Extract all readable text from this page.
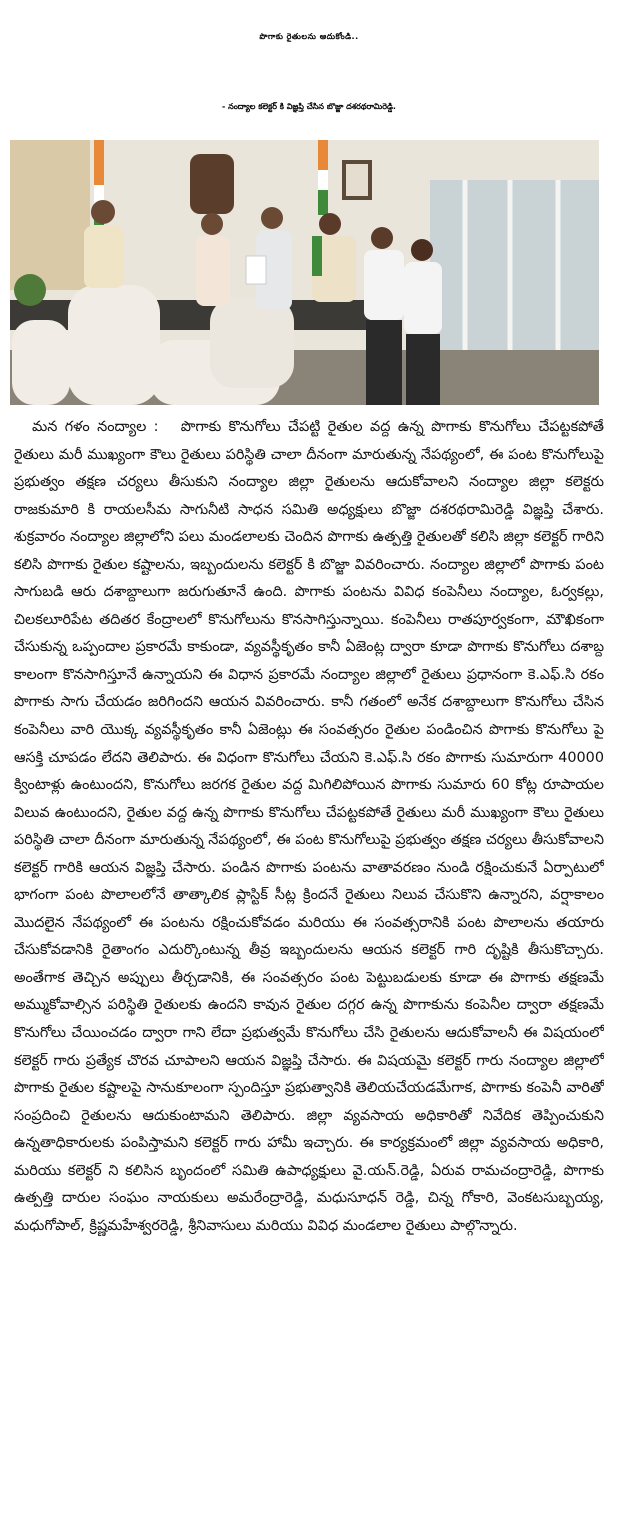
పొగాకు రైతులను ఆదుకోండి..
- నంద్యాల కలెక్టర్ కి విజ్ఞప్తి చేసిన బొజ్జా దశరథరామిరెడ్డి.
మన గళం నంద్యాల : పొగాకు కొనుగోలు చేపట్టి రైతుల వద్ద ఉన్న పొగాకు కొనుగోలు చేపట్టకపోతే రైతులు మరీ ముఖ్యంగా కౌలు రైతులు పరిస్థితి చాలా దీనంగా మారుతున్న నేపథ్యంలో, ఈ పంట కొనుగోలుపై ప్రభుత్వం తక్షణ చర్యలు తీసుకుని నంద్యాల జిల్లా రైతులను ఆదుకోవాలని నంద్యాల జిల్లా కలెక్టరు రాజకుమారి కి రాయలసీమ సాగునీటి సాధన సమితి అధ్యక్షులు బొజ్జా దశరథరామిరెడ్డి విజ్ఞప్తి చేశారు. శుక్రవారం నంద్యాల జిల్లాలోని పలు మండలాలకు చెందిన పొగాకు ఉత్పత్తి రైతులతో కలిసి జిల్లా కలెక్టర్ గారిని కలిసి పొగాకు రైతుల కష్టాలను, ఇబ్బందులను కలెక్టర్ కి బొజ్జా వివరించారు. నంద్యాల జిల్లాలో పొగాకు పంట సాగుబడి ఆరు దశాబ్దాలుగా జరుగుతూనే ఉంది. పొగాకు పంటను వివిధ కంపెనీలు నంద్యాల, ఓర్వకల్లు, చిలకలూరిపేట తదితర కేంద్రాలలో కొనుగోలును కొనసాగిస్తున్నాయి. కంపెనీలు రాతపూర్వకంగా, మౌఖికంగా చేసుకున్న ఒప్పందాల ప్రకారమే కాకుండా, వ్యవస్థీకృతం కానీ ఏజెంట్ల ద్వారా కూడా పొగాకు కొనుగోలు దశాబ్ద కాలంగా కొనసాగిస్తూనే ఉన్నాయని ఈ విధాన ప్రకారమే నంద్యాల జిల్లాలో రైతులు ప్రధానంగా కె.ఎఫ్.సి రకం పొగాకు సాగు చేయడం జరిగిందని ఆయన వివరించారు. కానీ గతంలో అనేక దశాబ్దాలుగా కొనుగోలు చేసిన కంపెనీలు వారి యొక్క వ్యవస్థీకృతం కానీ ఏజెంట్లు ఈ సంవత్సరం రైతుల పండించిన పొగాకు కొనుగోలు పై ఆసక్తి చూపడం లేదని తెలిపారు. ఈ విధంగా కొనుగోలు చేయని కె.ఎఫ్.సి రకం పొగాకు సుమారుగా 40000 క్వింటాళ్లు ఉంటుందని, కొనుగోలు జరగక రైతుల వద్ద మిగిలిపోయిన పొగాకు సుమారు 60 కోట్ల రూపాయల విలువ ఉంటుందని, రైతుల వద్ద ఉన్న పొగాకు కొనుగోలు చేపట్టకపోతే రైతులు మరీ ముఖ్యంగా కౌలు రైతులు పరిస్థితి చాలా దీనంగా మారుతున్న నేపథ్యంలో, ఈ పంట కొనుగోలుపై ప్రభుత్వం తక్షణ చర్యలు తీసుకోవాలని కలెక్టర్ గారికి ఆయన విజ్ఞప్తి చేసారు. పండిన పొగాకు పంటను వాతావరణం నుండి రక్షించుకునే ఏర్పాటులో భాగంగా పంట పొలాలలోనే తాత్కాలిక ప్లాస్టిక్ సీట్ల క్రిందనే రైతులు నిలువ చేసుకొని ఉన్నారని, వర్షాకాలం మొదలైన నేపథ్యంలో ఈ పంటను రక్షించుకోవడం మరియు ఈ సంవత్సరానికి పంట పొలాలను తయారు చేసుకోవడానికి రైతాంగం ఎదుర్కొంటున్న తీవ్ర ఇబ్బందులను ఆయన కలెక్టర్ గారి దృష్టికి తీసుకొచ్చారు. అంతేగాక తెచ్చిన అప్పులు తీర్చడానికి, ఈ సంవత్సరం పంట పెట్టుబడులకు కూడా ఈ పొగాకు తక్షణమే అమ్ముకోవాల్సిన పరిస్థితి రైతులకు ఉందని కావున రైతుల దగ్గర ఉన్న పొగాకును కంపెనీల ద్వారా తక్షణమే కొనుగోలు చేయించడం ద్వారా గాని లేదా ప్రభుత్వమే కొనుగోలు చేసి రైతులను ఆదుకోవాలనీ ఈ విషయంలో కలెక్టర్ గారు ప్రత్యేక చొరవ చూపాలని ఆయన విజ్ఞప్తి చేసారు. ఈ విషయమై కలెక్టర్ గారు నంద్యాల జిల్లాలో పొగాకు రైతుల కష్టాలపై సానుకూలంగా స్పందిస్తూ ప్రభుత్వానికి తెలియచేయడమేగాక, పొగాకు కంపెనీ వారితో సంప్రదించి రైతులను ఆదుకుంటామని తెలిపారు. జిల్లా వ్యవసాయ అధికారితో నివేదిక తెప్పించుకుని ఉన్నతాధికారులకు పంపిస్తామని కలెక్టర్ గారు హామీ ఇచ్చారు. ఈ కార్యక్రమంలో జిల్లా వ్యవసాయ అధికారి, మరియు కలెక్టర్ ని కలిసిన బృందంలో సమితి ఉపాధ్యక్షులు వై.యన్.రెడ్డి, ఏరువ రామచంద్రారెడ్డి, పొగాకు ఉత్పత్తి దారుల సంఘం నాయకులు అమరేంద్రారెడ్డి, మధుసూధన్ రెడ్డి, చిన్న గోకారి, వెంకటసుబ్బయ్య, మధుగోపాల్, క్రిష్ణమహేశ్వరరెడ్డి, శ్రీనివాసులు మరియు వివిధ మండలాల రైతులు పాల్గొన్నారు.
